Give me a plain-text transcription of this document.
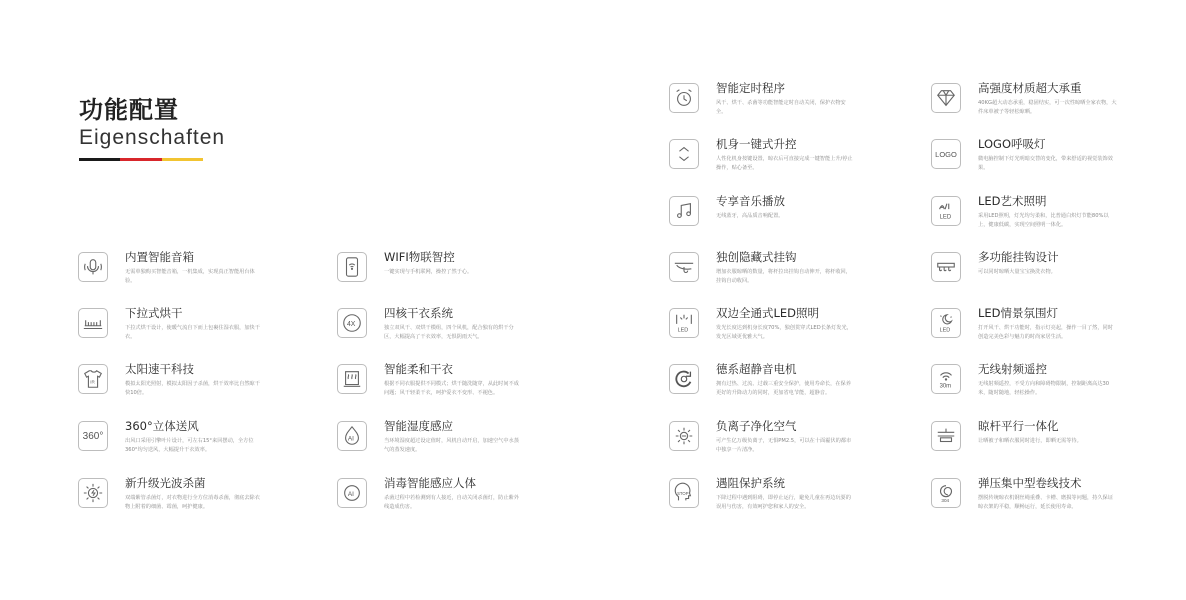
功能配置
Eigenschaften
内置智能音箱
无需单独购买智能音箱，一机集成，实现真正智能用台体验。
下拉式烘干
下拉式烘干设计，使暖气流自下而上包裹住湿衣服，加快干衣。
IR
太阳速干科技
模拟太阳光照射，模拟太阳因子杀菌，烘干效率比自然晾干快10倍。
360°
360°立体送风
出风口采用引擎叶片设计，可左右15°来回摆动，全方位360°均匀送风，大幅提升干衣效率。
新升级光波杀菌
双端紫管杀菌灯，对衣物进行全方位消毒杀菌，彻底去除衣物上附着的细菌、霉菌，呵护健康。
WIFI物联智控
一键实现与手机联网，操控了然于心。
4X
四核干衣系统
独立双风干、双烘干模组，四个风机，配合独有的烘干分区，大幅提高了干衣效率，无惧阴雨天气。
智能柔和干衣
根据不同衣服提供不同模式；烘干随洗随穿，从此时间不成问题；风干轻柔干衣，呵护爱衣不变形、不褪色。
AI
智能湿度感应
当环境湿度超过设定值时，风机自动开启，加速空气中水蒸气的蒸发速度。
AI
消毒智能感应人体
杀菌过程中若检测到有人接近，自动关闭杀菌灯，防止紫外线造成伤害。
智能定时程序
风干、烘干、杀菌等功能智能定时自动关闭，保护衣物安全。
机身一键式升控
人性化机身按键设置，晾衣后可直接完成一键智能上升/停止操作，贴心备至。
专享音乐播放
无线蓝牙，高品质音响配置。
独创隐藏式挂钩
增加衣服晾晒的数量，将杆拉出挂钩自动伸开，将杆收回，挂钩自动收回。
LED
双边全通式LED照明
发光长度达到机身长度70%，独创贯穿式LED长条灯发光，发光区域更优雅大气。
德系超静音电机
拥有过热、过流、过载三重安全保护，使用寿命长，在保养更好的升降动力的同时，更加省电节能，超静音。
负离子净化空气
可产生亿万级负离子，无惧PM2.5，可以在十面霾伏的都市中独享一片清净。
STOP
遇阻保护系统
下降过程中遇到阻碍，即停止运行，避免儿童在再边玩耍的误用与伤害，有效呵护您和家人的安全。
高强度材质超大承重
40KG超大动态承重，稳固结实，可一次性晾晒全家衣物，大件床单被子等轻松晾晒。
LOGO
LOGO呼吸灯
微电脑控制下灯光明暗交替的变化，带来舒适的视觉装饰效果。
LED
LED艺术照明
采用LED照明，灯光均匀柔和，比普通白炽灯节能80%以上，健康低碳，实现空间照明一体化。
多功能挂钩设计
可以同时晾晒大量宝宝换洗衣物。
LED
LED情景氛围灯
打开风干、烘干功能时，指示灯亮起，操作一目了然，同时创造完美色彩与魅力的时尚家居生活。
30m
无线射频遥控
无线射频遥控，不受方向和障碍物限制，控制距离高达30米，随时随地，轻松操作。
晾杆平行一体化
让晒被子和晒衣服同时进行，即晒无需等待。
304
弹压集中型卷线技术
摆脱传统晾衣机钢丝绳重叠、卡槽、磨损等问题，持久保证晾衣架的平稳，顺畅运行，延长使用寿命。
